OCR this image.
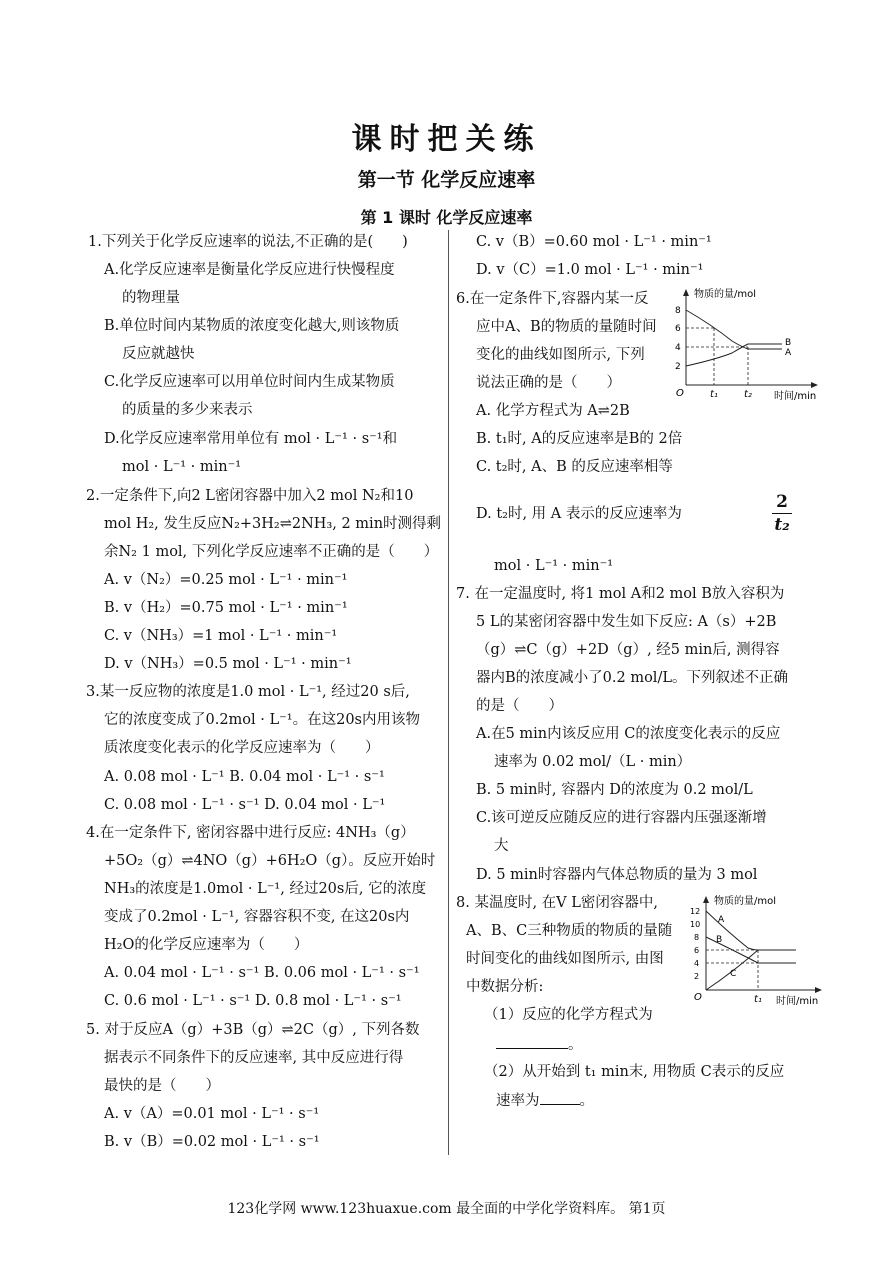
课时把关练
第一节 化学反应速率
第 1 课时 化学反应速率
1.下列关于化学反应速率的说法,不正确的是(　　)
A.化学反应速率是衡量化学反应进行快慢程度
的物理量
B.单位时间内某物质的浓度变化越大,则该物质
反应就越快
C.化学反应速率可以用单位时间内生成某物质
的质量的多少来表示
D.化学反应速率常用单位有 mol · L⁻¹ · s⁻¹和
mol · L⁻¹ · min⁻¹
2.一定条件下,向2 L密闭容器中加入2 mol N₂和10
mol H₂, 发生反应N₂+3H₂⇌2NH₃, 2 min时测得剩
余N₂ 1 mol, 下列化学反应速率不正确的是（　　）
A. v（N₂）=0.25 mol · L⁻¹ · min⁻¹
B. v（H₂）=0.75 mol · L⁻¹ · min⁻¹
C. v（NH₃）=1 mol · L⁻¹ · min⁻¹
D. v（NH₃）=0.5 mol · L⁻¹ · min⁻¹
3.某一反应物的浓度是1.0 mol · L⁻¹, 经过20 s后,
它的浓度变成了0.2mol · L⁻¹。在这20s内用该物
质浓度变化表示的化学反应速率为（　　）
A. 0.08 mol · L⁻¹ B. 0.04 mol · L⁻¹ · s⁻¹
C. 0.08 mol · L⁻¹ · s⁻¹ D. 0.04 mol · L⁻¹
4.在一定条件下, 密闭容器中进行反应: 4NH₃（g）
+5O₂（g）⇌4NO（g）+6H₂O（g）。反应开始时
NH₃的浓度是1.0mol · L⁻¹, 经过20s后, 它的浓度
变成了0.2mol · L⁻¹, 容器容积不变, 在这20s内
H₂O的化学反应速率为（　　）
A. 0.04 mol · L⁻¹ · s⁻¹ B. 0.06 mol · L⁻¹ · s⁻¹
C. 0.6 mol · L⁻¹ · s⁻¹ D. 0.8 mol · L⁻¹ · s⁻¹
5. 对于反应A（g）+3B（g）⇌2C（g）, 下列各数
据表示不同条件下的反应速率, 其中反应进行得
最快的是（　　）
A. v（A）=0.01 mol · L⁻¹ · s⁻¹
B. v（B）=0.02 mol · L⁻¹ · s⁻¹
C. v（B）=0.60 mol · L⁻¹ · min⁻¹
D. v（C）=1.0 mol · L⁻¹ · min⁻¹
6.在一定条件下,容器内某一反
应中A、B的物质的量随时间
变化的曲线如图所示, 下列
说法正确的是（　　）
A. 化学方程式为 A⇌2B
B. t₁时, A的反应速率是B的 2倍
C. t₂时, A、B 的反应速率相等
D. t₂时, 用 A 表示的反应速率为
2
t₂
mol · L⁻¹ · min⁻¹
7. 在一定温度时, 将1 mol A和2 mol B放入容积为
5 L的某密闭容器中发生如下反应: A（s）+2B
（g）⇌C（g）+2D（g）, 经5 min后, 测得容
器内B的浓度减小了0.2 mol/L。下列叙述不正确
的是（　　）
A.在5 min内该反应用 C的浓度变化表示的反应
速率为 0.02 mol/（L · min）
B. 5 min时, 容器内 D的浓度为 0.2 mol/L
C.该可逆反应随反应的进行容器内压强逐渐增
大
D. 5 min时容器内气体总物质的量为 3 mol
8. 某温度时, 在V L密闭容器中,
A、B、C三种物质的物质的量随
时间变化的曲线如图所示, 由图
中数据分析:
（1）反应的化学方程式为
。
（2）从开始到 t₁ min末, 用物质 C表示的反应
速率为	。
物质的量/mol
时间/min
8
6
4
2
O	t₁	t₂
B
A
物质的量/mol
时间/min
12
10
8
6
4
2
O	t₁
A
B
C
123化学网 www.123huaxue.com 最全面的中学化学资料库。 第1页
